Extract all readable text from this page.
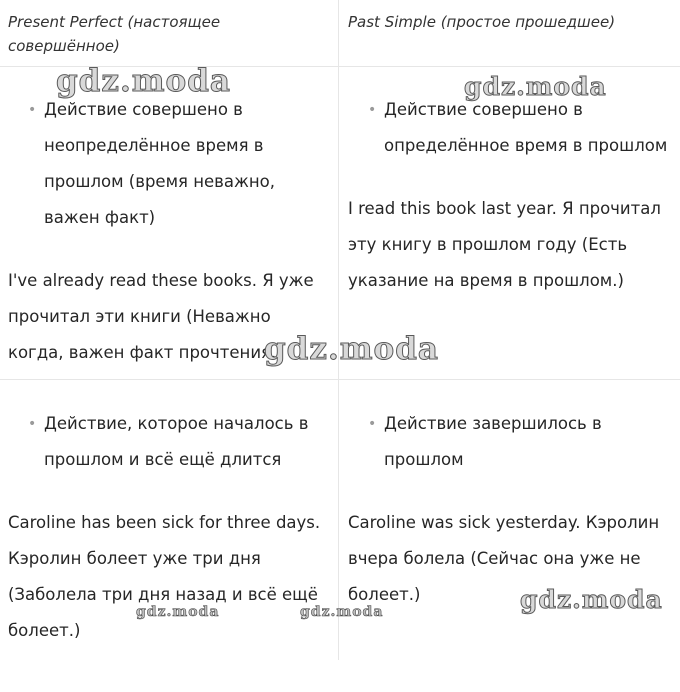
Present Perfect (настоящее совершённое)
Past Simple (простое прошедшее)
• Действие совершено в неопределённое время в прошлом (время неважно, важен факт)
I've already read these books. Я уже прочитал эти книги (Неважно когда, важен факт прочтения.)
• Действие совершено в определённое время в прошлом
I read this book last year. Я прочитал эту книгу в прошлом году (Есть указание на время в прошлом.)
• Действие, которое началось в прошлом и всё ещё длится
Caroline has been sick for three days. Кэролин болеет уже три дня (Заболела три дня назад и всё ещё болеет.)
• Действие завершилось в прошлом
Caroline was sick yesterday. Кэролин вчера болела (Сейчас она уже не болеет.)
gdz.moda	gdz.moda
gdz.moda
gdz.moda
gdz.moda	gdz.moda
